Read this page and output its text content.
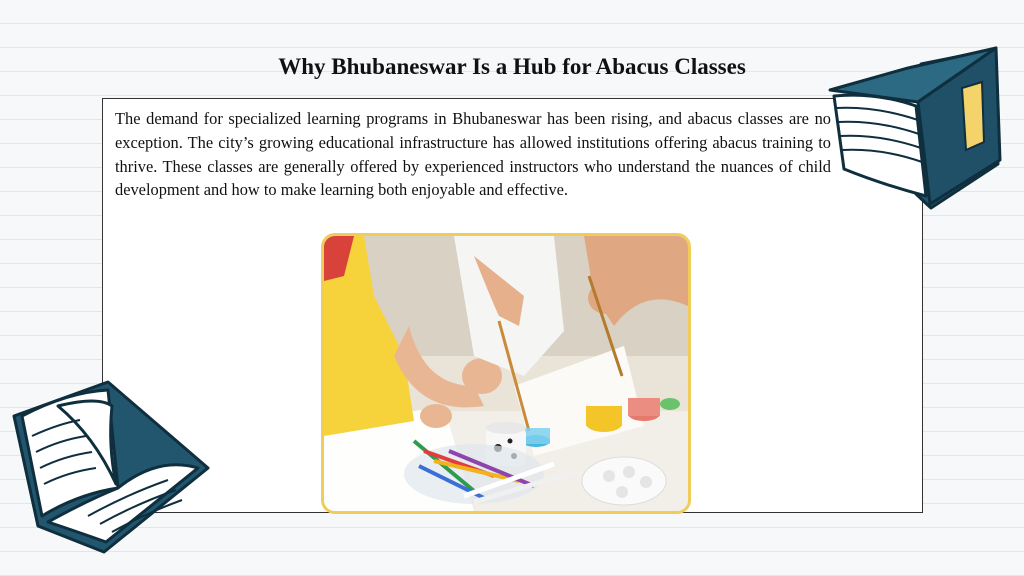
Why Bhubaneswar Is a Hub for Abacus Classes

The demand for specialized learning programs in Bhubaneswar has been rising, and abacus classes are no exception. The city’s growing educational infrastructure has allowed institutions offering abacus training to thrive. These classes are generally offered by experienced instructors who understand the nuances of child development and how to make learning both enjoyable and effective.
